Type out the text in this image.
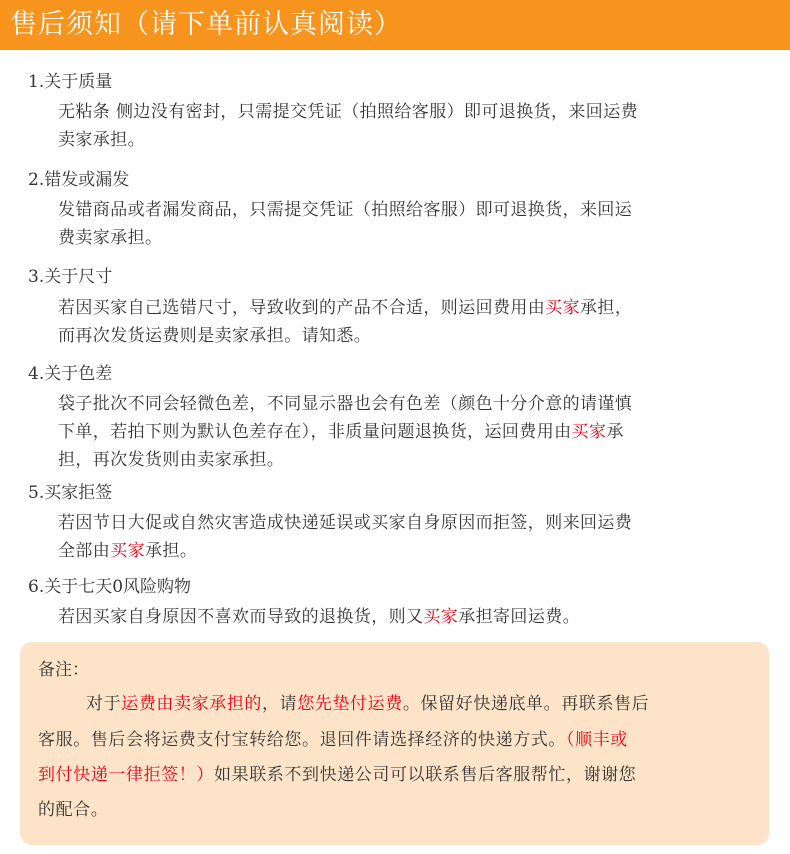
售后须知（请下单前认真阅读）
1.关于质量
无粘条 侧边没有密封，只需提交凭证（拍照给客服）即可退换货，来回运费
卖家承担。
2.错发或漏发
发错商品或者漏发商品，只需提交凭证（拍照给客服）即可退换货，来回运
费卖家承担。
3.关于尺寸
若因买家自己选错尺寸，导致收到的产品不合适，则运回费用由买家承担，
而再次发货运费则是卖家承担。请知悉。
4.关于色差
袋子批次不同会轻微色差，不同显示器也会有色差（颜色十分介意的请谨慎
下单，若拍下则为默认色差存在），非质量问题退换货，运回费用由买家承
担，再次发货则由卖家承担。
5.买家拒签
若因节日大促或自然灾害造成快递延误或买家自身原因而拒签，则来回运费
全部由买家承担。
6.关于七天0风险购物
若因买家自身原因不喜欢而导致的退换货，则又买家承担寄回运费。
备注：
对于运费由卖家承担的，请您先垫付运费。保留好快递底单。再联系售后
客服。售后会将运费支付宝转给您。退回件请选择经济的快递方式。（顺丰或
到付快递一律拒签！）如果联系不到快递公司可以联系售后客服帮忙，谢谢您
的配合。
